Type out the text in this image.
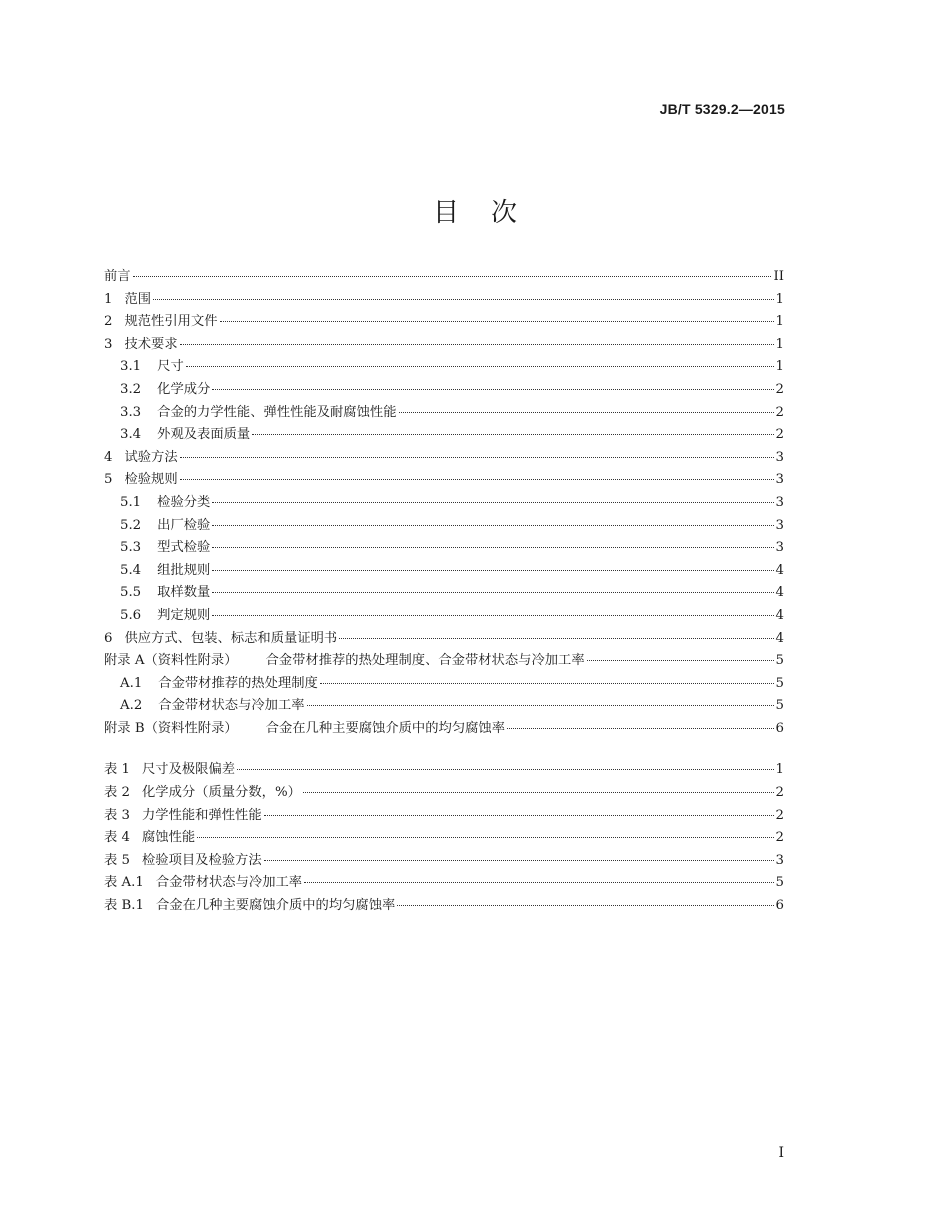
JB/T 5329.2—2015
目 次
前言	II
1 范围	1
2 规范性引用文件	1
3 技术要求	1
3.1 尺寸	1
3.2 化学成分	2
3.3 合金的力学性能、弹性性能及耐腐蚀性能	2
3.4 外观及表面质量	2
4 试验方法	3
5 检验规则	3
5.1 检验分类	3
5.2 出厂检验	3
5.3 型式检验	3
5.4 组批规则	4
5.5 取样数量	4
5.6 判定规则	4
6 供应方式、包装、标志和质量证明书	4
附录 A（资料性附录） 合金带材推荐的热处理制度、合金带材状态与冷加工率	5
A.1 合金带材推荐的热处理制度	5
A.2 合金带材状态与冷加工率	5
附录 B（资料性附录） 合金在几种主要腐蚀介质中的均匀腐蚀率	6
表 1 尺寸及极限偏差	1
表 2 化学成分（质量分数，%）	2
表 3 力学性能和弹性性能	2
表 4 腐蚀性能	2
表 5 检验项目及检验方法	3
表 A.1 合金带材状态与冷加工率	5
表 B.1 合金在几种主要腐蚀介质中的均匀腐蚀率	6
I
